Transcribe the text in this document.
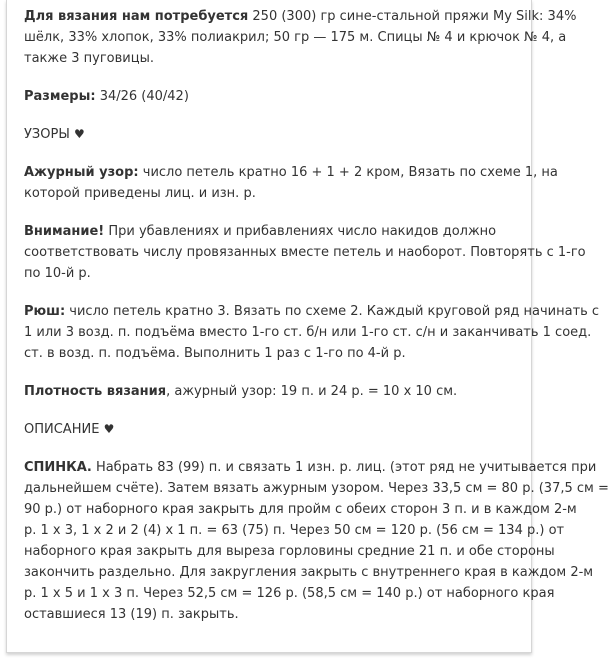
Для вязания нам потребуется 250 (300) гр сине-стальной пряжи My Silk: 34%
шёлк, 33% хлопок, 33% полиакрил; 50 гр — 175 м. Спицы № 4 и крючок № 4, а
также 3 пуговицы.
Размеры: 34/26 (40/42)
УЗОРЫ ♥
Ажурный узор: число петель кратно 16 + 1 + 2 кром, Вязать по схеме 1, на
которой приведены лиц. и изн. р.
Внимание! При убавлениях и прибавлениях число накидов должно
соответствовать числу провязанных вместе петель и наоборот. Повторять с 1-го
по 10-й р.
Рюш: число петель кратно 3. Вязать по схеме 2. Каждый круговой ряд начинать с
1 или 3 возд. п. подъёма вместо 1-го ст. б/н или 1-го ст. с/н и заканчивать 1 соед.
ст. в возд. п. подъёма. Выполнить 1 раз с 1-го по 4-й р.
Плотность вязания, ажурный узор: 19 п. и 24 р. = 10 х 10 см.
ОПИСАНИЕ ♥
СПИНКА. Набрать 83 (99) п. и связать 1 изн. р. лиц. (этот ряд не учитывается при
дальнейшем счёте). Затем вязать ажурным узором. Через 33,5 см = 80 р. (37,5 см =
90 р.) от наборного края закрыть для пройм с обеих сторон 3 п. и в каждом 2-м
р. 1 х 3, 1 х 2 и 2 (4) х 1 п. = 63 (75) п. Через 50 см = 120 р. (56 см = 134 р.) от
наборного края закрыть для выреза горловины средние 21 п. и обе стороны
закончить раздельно. Для закругления закрыть с внутреннего края в каждом 2-м
р. 1 х 5 и 1 х 3 п. Через 52,5 см = 126 р. (58,5 см = 140 р.) от наборного края
оставшиеся 13 (19) п. закрыть.
